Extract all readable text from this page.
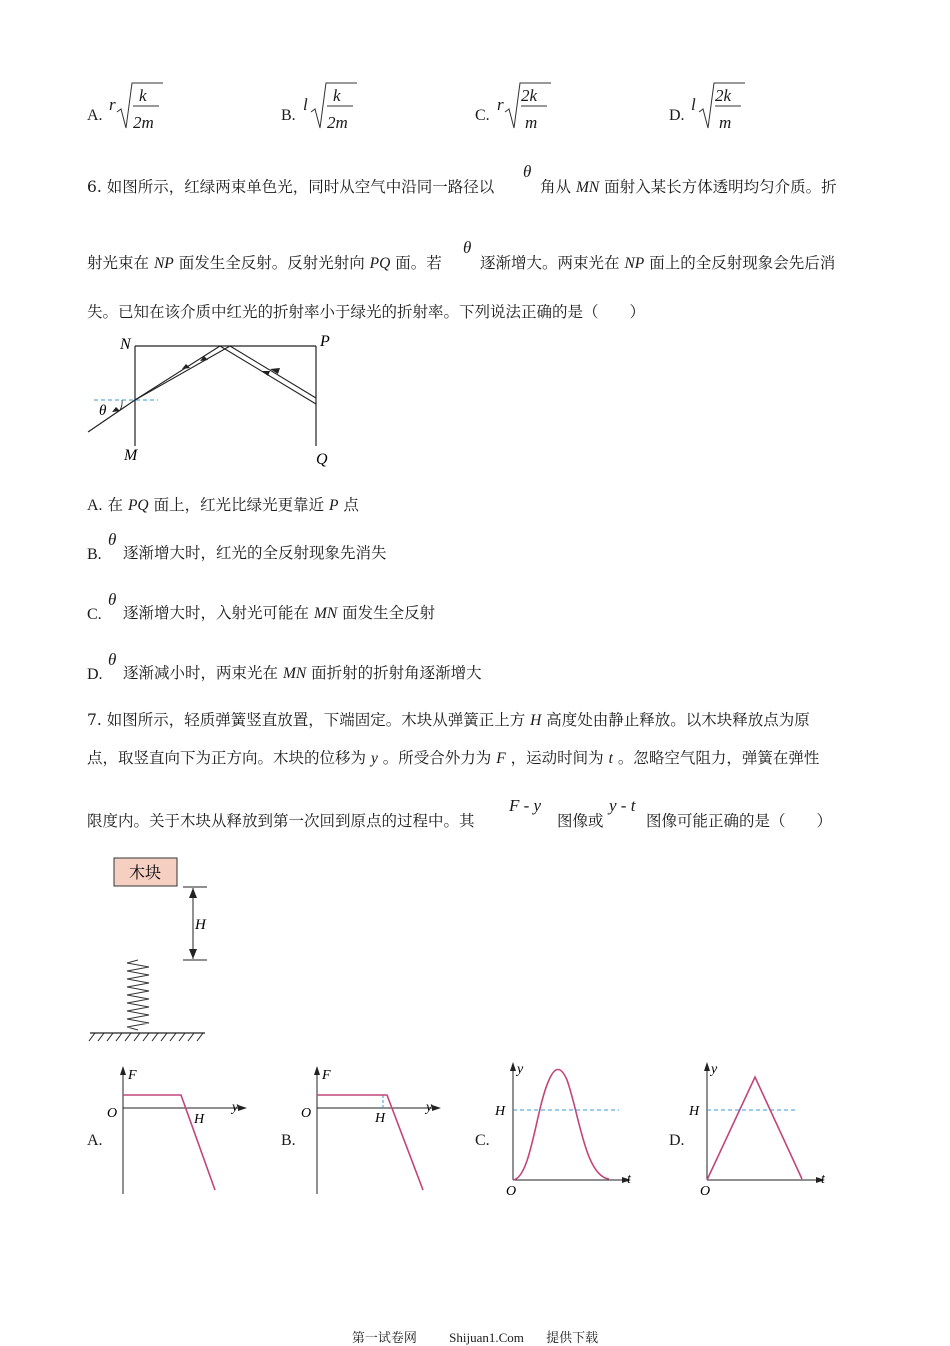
A.
r k
2m	B.
l k
2m	C.
r 2k
m	D.
l 2k
m
6. 如图所示，红绿两束单色光，同时从空气中沿同一路径以
θ
角从 MN 面射入某长方体透明均匀介质。折
射光束在 NP 面发生全反射。反射光射向 PQ 面。若
θ
逐渐增大。两束光在 NP 面上的全反射现象会先后消
失。已知在该介质中红光的折射率小于绿光的折射率。下列说法正确的是（　　）
N	P
M	Q
θ
A. 在 PQ 面上，红光比绿光更靠近 P 点
B.
θ
逐渐增大时，红光的全反射现象先消失
C.
θ
逐渐增大时，入射光可能在 MN 面发生全反射
D.
θ
逐渐减小时，两束光在 MN 面折射的折射角逐渐增大
7. 如图所示，轻质弹簧竖直放置，下端固定。木块从弹簧正上方 H 高度处由静止释放。以木块释放点为原
点，取竖直向下为正方向。木块的位移为 y 。所受合外力为 F ，运动时间为 t 。忽略空气阻力，弹簧在弹性
限度内。关于木块从释放到第一次回到原点的过程中。其
F - y
图像或
y - t
图像可能正确的是（　　）
木块
H
A.
F
y
O	H
B.
F
y
O	H
C.
y
t
O
H
D.
y
t
O
H
第一试卷网 Shijuan1.Com 提供下载
